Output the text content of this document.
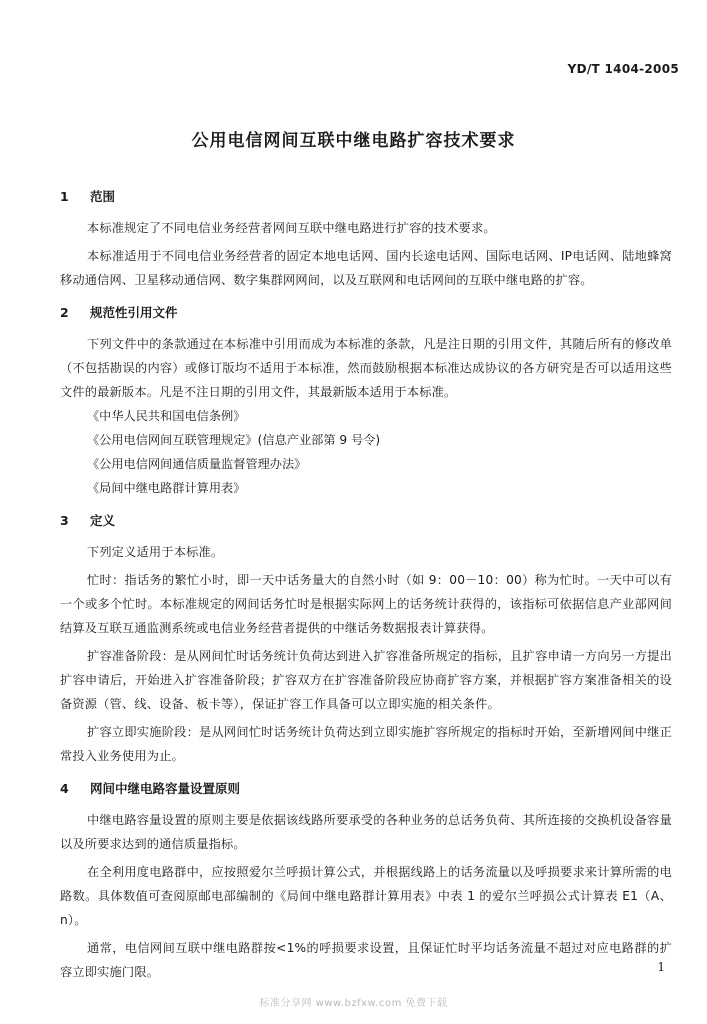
YD/T 1404-2005
公用电信网间互联中继电路扩容技术要求
1 范围

本标准规定了不同电信业务经营者网间互联中继电路进行扩容的技术要求。

本标准适用于不同电信业务经营者的固定本地电话网、国内长途电话网、国际电话网、IP电话网、陆地蜂窝移动通信网、卫星移动通信网、数字集群网网间，以及互联网和电话网间的互联中继电路的扩容。

2 规范性引用文件

下列文件中的条款通过在本标准中引用而成为本标准的条款，凡是注日期的引用文件，其随后所有的修改单（不包括勘误的内容）或修订版均不适用于本标准，然而鼓励根据本标准达成协议的各方研究是否可以适用这些文件的最新版本。凡是不注日期的引用文件，其最新版本适用于本标准。

《中华人民共和国电信条例》

《公用电信网间互联管理规定》(信息产业部第 9 号令)

《公用电信网间通信质量监督管理办法》

《局间中继电路群计算用表》

3 定义

下列定义适用于本标准。

忙时：指话务的繁忙小时，即一天中话务量大的自然小时（如 9：00－10：00）称为忙时。一天中可以有一个或多个忙时。本标准规定的网间话务忙时是根据实际网上的话务统计获得的，该指标可依据信息产业部网间结算及互联互通监测系统或电信业务经营者提供的中继话务数据报表计算获得。

扩容准备阶段：是从网间忙时话务统计负荷达到进入扩容准备所规定的指标，且扩容申请一方向另一方提出扩容申请后，开始进入扩容准备阶段；扩容双方在扩容准备阶段应协商扩容方案，并根据扩容方案准备相关的设备资源（管、线、设备、板卡等），保证扩容工作具备可以立即实施的相关条件。

扩容立即实施阶段：是从网间忙时话务统计负荷达到立即实施扩容所规定的指标时开始，至新增网间中继正常投入业务使用为止。

4 网间中继电路容量设置原则

中继电路容量设置的原则主要是依据该线路所要承受的各种业务的总话务负荷、其所连接的交换机设备容量以及所要求达到的通信质量指标。

在全利用度电路群中，应按照爱尔兰呼损计算公式，并根据线路上的话务流量以及呼损要求来计算所需的电路数。具体数值可查阅原邮电部编制的《局间中继电路群计算用表》中表 1 的爱尔兰呼损公式计算表 E1（A、n）。

通常，电信网间互联中继电路群按<1%的呼损要求设置，且保证忙时平均话务流量不超过对应电路群的扩容立即实施门限。	1
标准分享网 www.bzfxw.com 免费下载
